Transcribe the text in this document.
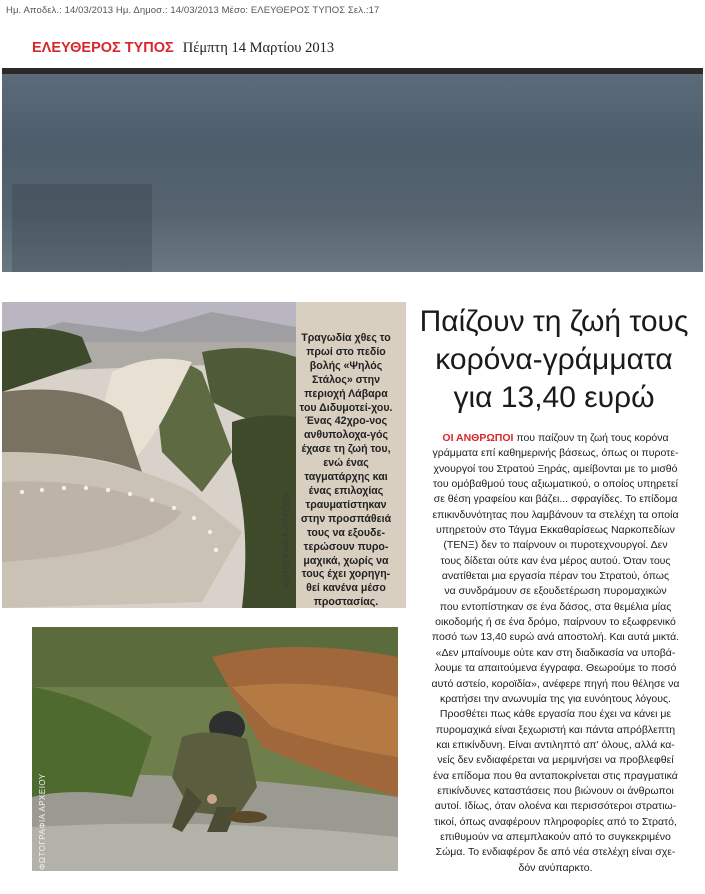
Ημ. Αποδελ.: 14/03/2013 Ημ. Δημοσ.: 14/03/2013 Μέσο: ΕΛΕΥΘΕΡΟΣ ΤΥΠΟΣ Σελ.:17
ΕΛΕΥΘΕΡΟΣ ΤΥΠΟΣ Πέμπτη 14 Μαρτίου 2013

Τραγωδία χθες το πρωί στο πεδίο βολής «Ψηλός Στάλος» στην περιοχή Λάβαρα του Διδυμοτεί-χου. Ένας 42χρο-νος ανθυπολοχα-γός έχασε τη ζωή του, ενώ ένας ταγματάρχης και ένας επιλοχίας τραυματίστηκαν στην προσπάθειά τους να εξουδε-τερώσουν πυρο-μαχικά, χωρίς να τους έχει χορηγη-θεί κανένα μέσο προστασίας.

ΦΩΤΟΓΡΑΦΙΑ ΑΡΧΕΙΟΥ
ΦΩΤΟΓΡΑΦΙΑ ΑΡΧΕΙΟΥ
Παίζουν τη ζωή τους
κορόνα-γράμματα
για 13,40 ευρώ
ΟΙ ΑΝΘΡΩΠΟΙ που παίζουν τη ζωή τους κορόνα
γράμματα επί καθημερινής βάσεως, όπως οι πυροτε-
χνουργοί του Στρατού Ξηράς, αμείβονται με το μισθό
του ομόβαθμού τους αξιωματικού, ο οποίος υπηρετεί
σε θέση γραφείου και βάζει... σφραγίδες. Το επίδομα
επικινδυνότητας που λαμβάνουν τα στελέχη τα οποία
υπηρετούν στο Τάγμα Εκκαθαρίσεως Ναρκοπεδίων
(ΤΕΝΞ) δεν το παίρνουν οι πυροτεχνουργοί. Δεν
τους δίδεται ούτε καν ένα μέρος αυτού. Όταν τους
ανατίθεται μια εργασία πέραν του Στρατού, όπως
να συνδράμουν σε εξουδετέρωση πυρομαχικών
που εντοπίστηκαν σε ένα δάσος, στα θεμέλια μίας
οικοδομής ή σε ένα δρόμο, παίρνουν το εξωφρενικό
ποσό των 13,40 ευρώ ανά αποστολή. Και αυτά μικτά.
«Δεν μπαίνουμε ούτε καν στη διαδικασία να υποβά-
λουμε τα απαιτούμενα έγγραφα. Θεωρούμε το ποσό
αυτό αστείο, κοροϊδία», ανέφερε πηγή που θέλησε να
κρατήσει την ανωνυμία της για ευνόητους λόγους.
Προσθέτει πως κάθε εργασία που έχει να κάνει με
πυρομαχικά είναι ξεχωριστή και πάντα απρόβλεπτη
και επικίνδυνη. Είναι αντιληπτό απ' όλους, αλλά κα-
νείς δεν ενδιαφέρεται να μεριμνήσει να προβλεφθεί
ένα επίδομα που θα ανταποκρίνεται στις πραγματικά
επικίνδυνες καταστάσεις που βιώνουν οι άνθρωποι
αυτοί. Ιδίως, όταν ολοένα και περισσότεροι στρατιω-
τικοί, όπως αναφέρουν πληροφορίες από το Στρατό,
επιθυμούν να απεμπλακούν από το συγκεκριμένο
Σώμα. Το ενδιαφέρον δε από νέα στελέχη είναι σχε-
δόν ανύπαρκτο.
